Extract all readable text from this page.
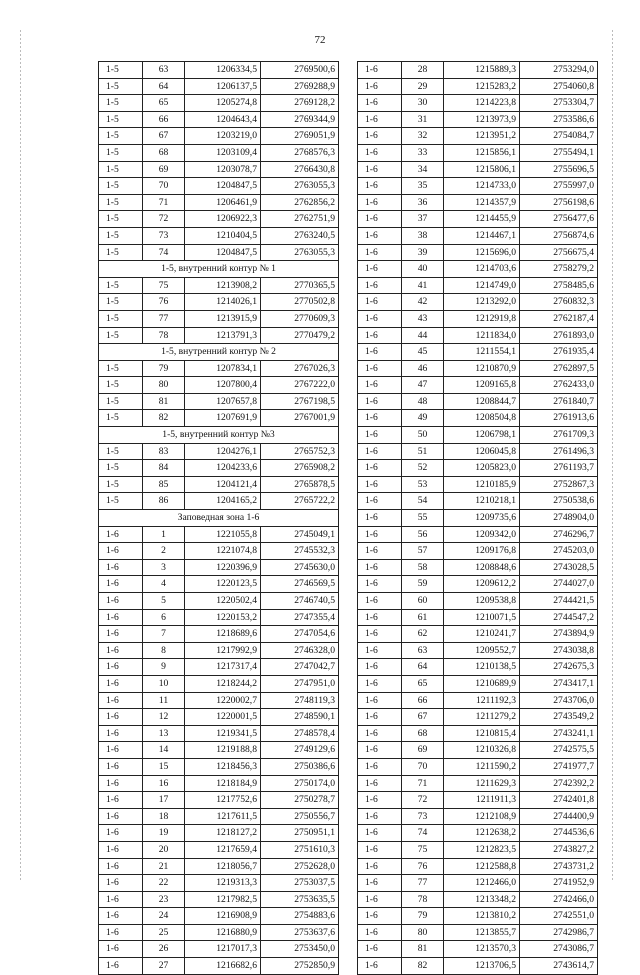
72
1-5	63	1206334,5	2769500,6
1-5	64	1206137,5	2769288,9
1-5	65	1205274,8	2769128,2
1-5	66	1204643,4	2769344,9
1-5	67	1203219,0	2769051,9
1-5	68	1203109,4	2768576,3
1-5	69	1203078,7	2766430,8
1-5	70	1204847,5	2763055,3
1-5	71	1206461,9	2762856,2
1-5	72	1206922,3	2762751,9
1-5	73	1210404,5	2763240,5
1-5	74	1204847,5	2763055,3
1-5, внутренний контур № 1			
1-5	75	1213908,2	2770365,5
1-5	76	1214026,1	2770502,8
1-5	77	1213915,9	2770609,3
1-5	78	1213791,3	2770479,2
1-5, внутренний контур № 2			
1-5	79	1207834,1	2767026,3
1-5	80	1207800,4	2767222,0
1-5	81	1207657,8	2767198,5
1-5	82	1207691,9	2767001,9
1-5, внутренний контур №3			
1-5	83	1204276,1	2765752,3
1-5	84	1204233,6	2765908,2
1-5	85	1204121,4	2765878,5
1-5	86	1204165,2	2765722,2
Заповедная зона 1-6			
1-6	1	1221055,8	2745049,1
1-6	2	1221074,8	2745532,3
1-6	3	1220396,9	2745630,0
1-6	4	1220123,5	2746569,5
1-6	5	1220502,4	2746740,5
1-6	6	1220153,2	2747355,4
1-6	7	1218689,6	2747054,6
1-6	8	1217992,9	2746328,0
1-6	9	1217317,4	2747042,7
1-6	10	1218244,2	2747951,0
1-6	11	1220002,7	2748119,3
1-6	12	1220001,5	2748590,1
1-6	13	1219341,5	2748578,4
1-6	14	1219188,8	2749129,6
1-6	15	1218456,3	2750386,6
1-6	16	1218184,9	2750174,0
1-6	17	1217752,6	2750278,7
1-6	18	1217611,5	2750556,7
1-6	19	1218127,2	2750951,1
1-6	20	1217659,4	2751610,3
1-6	21	1218056,7	2752628,0
1-6	22	1219313,3	2753037,5
1-6	23	1217982,5	2753635,5
1-6	24	1216908,9	2754883,6
1-6	25	1216880,9	2753637,6
1-6	26	1217017,3	2753450,0
1-6	27	1216682,6	2752850,9
1-6	28	1215889,3	2753294,0
1-6	29	1215283,2	2754060,8
1-6	30	1214223,8	2753304,7
1-6	31	1213973,9	2753586,6
1-6	32	1213951,2	2754084,7
1-6	33	1215856,1	2755494,1
1-6	34	1215806,1	2755696,5
1-6	35	1214733,0	2755997,0
1-6	36	1214357,9	2756198,6
1-6	37	1214455,9	2756477,6
1-6	38	1214467,1	2756874,6
1-6	39	1215696,0	2756675,4
1-6	40	1214703,6	2758279,2
1-6	41	1214749,0	2758485,6
1-6	42	1213292,0	2760832,3
1-6	43	1212919,8	2762187,4
1-6	44	1211834,0	2761893,0
1-6	45	1211554,1	2761935,4
1-6	46	1210870,9	2762897,5
1-6	47	1209165,8	2762433,0
1-6	48	1208844,7	2761840,7
1-6	49	1208504,8	2761913,6
1-6	50	1206798,1	2761709,3
1-6	51	1206045,8	2761496,3
1-6	52	1205823,0	2761193,7
1-6	53	1210185,9	2752867,3
1-6	54	1210218,1	2750538,6
1-6	55	1209735,6	2748904,0
1-6	56	1209342,0	2746296,7
1-6	57	1209176,8	2745203,0
1-6	58	1208848,6	2743028,5
1-6	59	1209612,2	2744027,0
1-6	60	1209538,8	2744421,5
1-6	61	1210071,5	2744547,2
1-6	62	1210241,7	2743894,9
1-6	63	1209552,7	2743038,8
1-6	64	1210138,5	2742675,3
1-6	65	1210689,9	2743417,1
1-6	66	1211192,3	2743706,0
1-6	67	1211279,2	2743549,2
1-6	68	1210815,4	2743241,1
1-6	69	1210326,8	2742575,5
1-6	70	1211590,2	2741977,7
1-6	71	1211629,3	2742392,2
1-6	72	1211911,3	2742401,8
1-6	73	1212108,9	2744400,9
1-6	74	1212638,2	2744536,6
1-6	75	1212823,5	2743827,2
1-6	76	1212588,8	2743731,2
1-6	77	1212466,0	2741952,9
1-6	78	1213348,2	2742466,0
1-6	79	1213810,2	2742551,0
1-6	80	1213855,7	2742986,7
1-6	81	1213570,3	2743086,7
1-6	82	1213706,5	2743614,7
